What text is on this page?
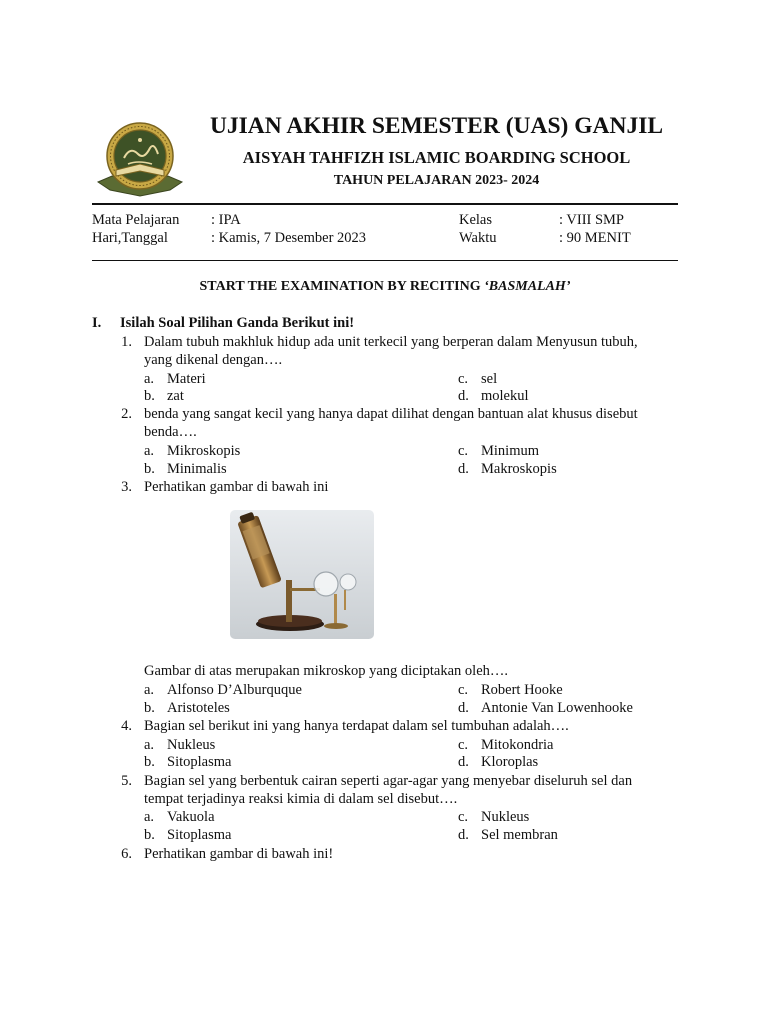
UJIAN AKHIR SEMESTER (UAS) GANJIL
AISYAH TAHFIZH ISLAMIC BOARDING SCHOOL
TAHUN PELAJARAN 2023- 2024
Mata Pelajaran : IPA	Kelas	: VIII SMP
Hari,Tanggal	: Kamis, 7 Desember 2023	Waktu	: 90 MENIT
START THE EXAMINATION BY RECITING ‘BASMALAH’
I. Isilah Soal Pilihan Ganda Berikut ini!
1. Dalam tubuh makhluk hidup ada unit terkecil yang berperan dalam Menyusun tubuh,
yang dikenal dengan….
a. Materi
b. zat
c. sel
d. molekul
2. benda yang sangat kecil yang hanya dapat dilihat dengan bantuan alat khusus disebut
benda….
a. Mikroskopis
b. Minimalis
c. Minimum
d. Makroskopis
3. Perhatikan gambar di bawah ini
Gambar di atas merupakan mikroskop yang diciptakan oleh….
a. Alfonso D’Alburquque
b. Aristoteles
c. Robert Hooke
d. Antonie Van Lowenhooke
4. Bagian sel berikut ini yang hanya terdapat dalam sel tumbuhan adalah….
a. Nukleus
b. Sitoplasma
c. Mitokondria
d. Kloroplas
5. Bagian sel yang berbentuk cairan seperti agar-agar yang menyebar diseluruh sel dan
tempat terjadinya reaksi kimia di dalam sel disebut….
a. Vakuola
b. Sitoplasma
c. Nukleus
d. Sel membran
6. Perhatikan gambar di bawah ini!
